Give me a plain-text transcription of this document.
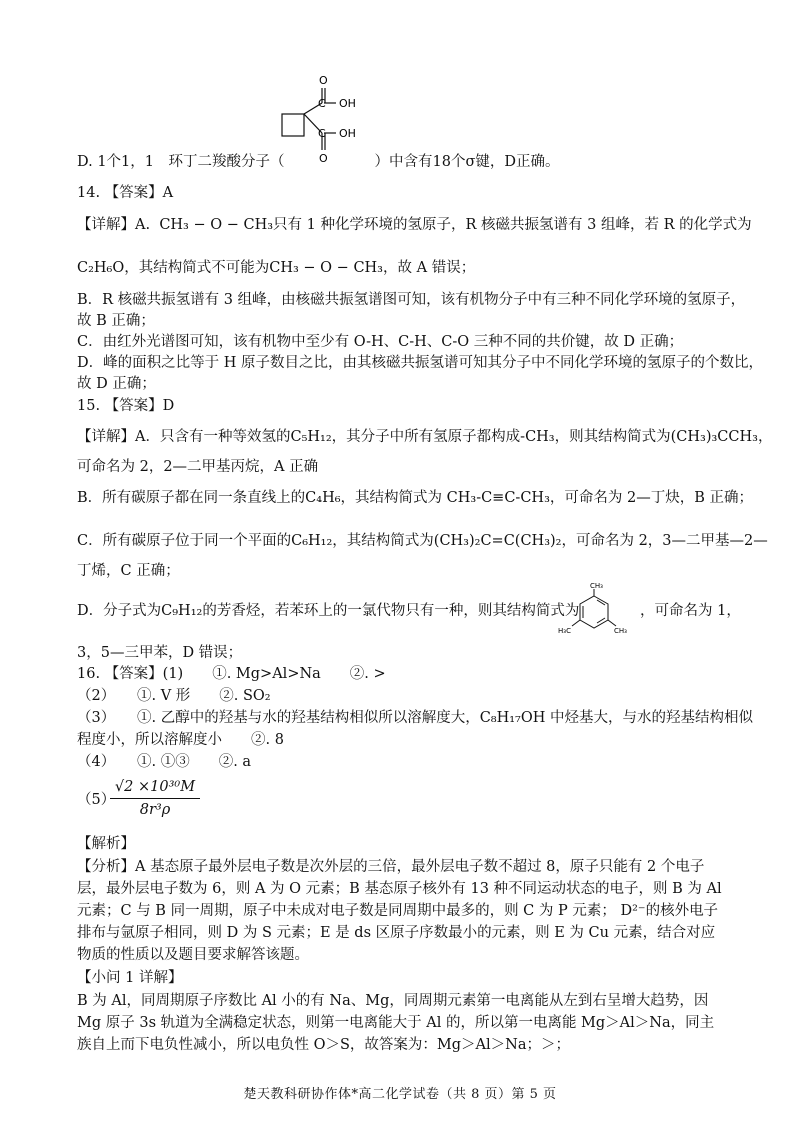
O
C OH
C OH
O
D. 1个1，1　环丁二羧酸分子（	）中含有18个σ键，D正确。
14. 【答案】A
【详解】A. CH₃ − O − CH₃只有 1 种化学环境的氢原子，R 核磁共振氢谱有 3 组峰，若 R 的化学式为
C₂H₆O，其结构简式不可能为CH₃ − O − CH₃，故 A 错误；
B．R 核磁共振氢谱有 3 组峰，由核磁共振氢谱图可知，该有机物分子中有三种不同化学环境的氢原子，
故 B 正确；
C．由红外光谱图可知，该有机物中至少有 O-H、C-H、C-O 三种不同的共价键，故 D 正确；
D．峰的面积之比等于 H 原子数目之比，由其核磁共振氢谱可知其分子中不同化学环境的氢原子的个数比，
故 D 正确；
15. 【答案】D
【详解】A．只含有一种等效氢的C₅H₁₂，其分子中所有氢原子都构成-CH₃，则其结构简式为(CH₃)₃CCH₃，
可命名为 2，2—二甲基丙烷，A 正确
B．所有碳原子都在同一条直线上的C₄H₆，其结构简式为 CH₃-C≡C-CH₃，可命名为 2—丁炔，B 正确；
C．所有碳原子位于同一个平面的C₆H₁₂，其结构简式为(CH₃)₂C=C(CH₃)₂，可命名为 2，3—二甲基—2—
丁烯，C 正确；
D．分子式为C₉H₁₂的芳香烃，若苯环上的一氯代物只有一种，则其结构简式为	，可命名为 1，
3，5—三甲苯，D 错误；
CH₃
H₃C	CH₃
16. 【答案】(1)　　①. Mg>Al>Na　　②. >
（2）　　①. V 形　　②. SO₂
（3）　　①. 乙醇中的羟基与水的羟基结构相似所以溶解度大，C₈H₁₇OH 中烃基大，与水的羟基结构相似
程度小，所以溶解度小　　②. 8
（4）　　①. ①③　　②. a
（5）
√2 ×10³⁰M
8r³ρ
【解析】
【分析】A 基态原子最外层电子数是次外层的三倍，最外层电子数不超过 8，原子只能有 2 个电子层，最外层电子数为 6，则 A 为 O 元素；B 基态原子核外有 13 种不同运动状态的电子，则 B 为 Al 元素；C 与 B 同一周期，原子中未成对电子数是同周期中最多的，则 C 为 P 元素； D²⁻的核外电子排布与氩原子相同，则 D 为 S 元素；E 是 ds 区原子序数最小的元素，则 E 为 Cu 元素，结合对应物质的性质以及题目要求解答该题。
【小问 1 详解】
B 为 Al，同周期原子序数比 Al 小的有 Na、Mg，同周期元素第一电离能从左到右呈增大趋势，因 Mg 原子 3s 轨道为全满稳定状态，则第一电离能大于 Al 的，所以第一电离能 Mg＞Al＞Na，同主族自上而下电负性减小，所以电负性 O＞S，故答案为：Mg＞Al＞Na；＞；
楚天教科研协作体*高二化学试卷（共 8 页）第 5 页
